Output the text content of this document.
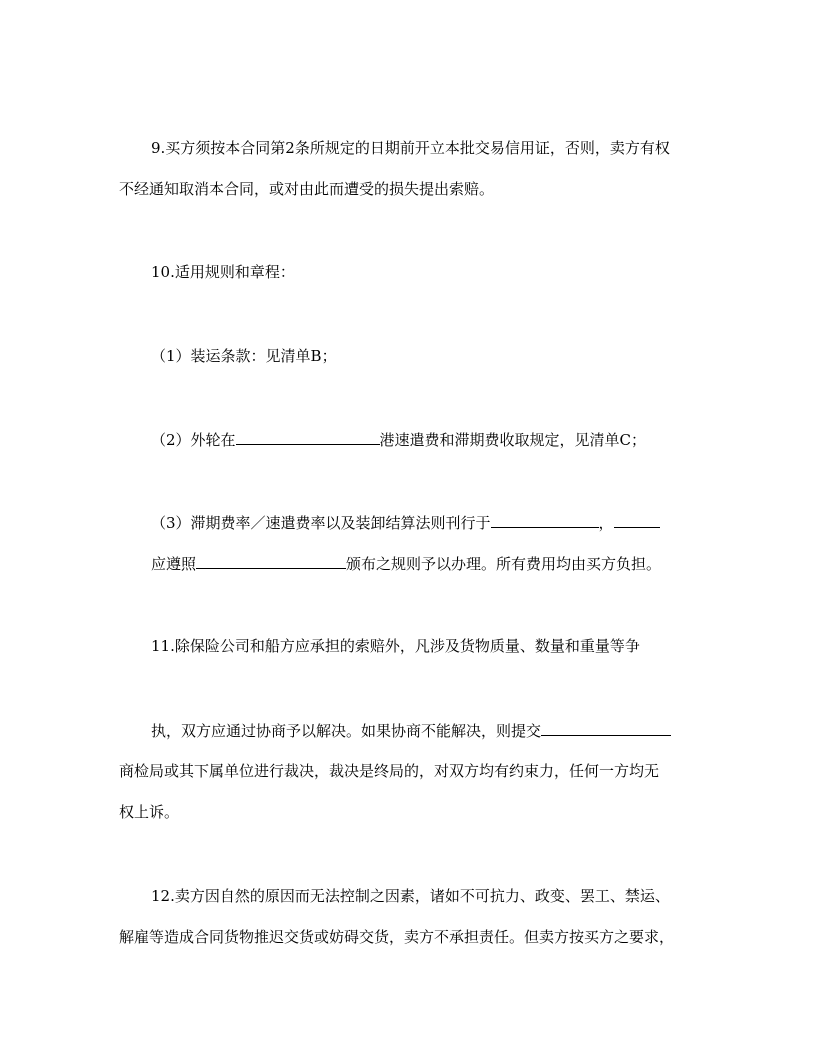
9.买方须按本合同第2条所规定的日期前开立本批交易信用证，否则，卖方有权
不经通知取消本合同，或对由此而遭受的损失提出索赔。
10.适用规则和章程：
（1）装运条款：见清单B；
（2）外轮在	港速遣费和滞期费收取规定，见清单C；
（3）滞期费率／速遣费率以及装卸结算法则刊行于	，
应遵照	颁布之规则予以办理。所有费用均由买方负担。
11.除保险公司和船方应承担的索赔外，凡涉及货物质量、数量和重量等争
执，双方应通过协商予以解决。如果协商不能解决，则提交
商检局或其下属单位进行裁决，裁决是终局的，对双方均有约束力，任何一方均无
权上诉。
12.卖方因自然的原因而无法控制之因素，诸如不可抗力、政变、罢工、禁运、
解雇等造成合同货物推迟交货或妨碍交货，卖方不承担责任。但卖方按买方之要求，
